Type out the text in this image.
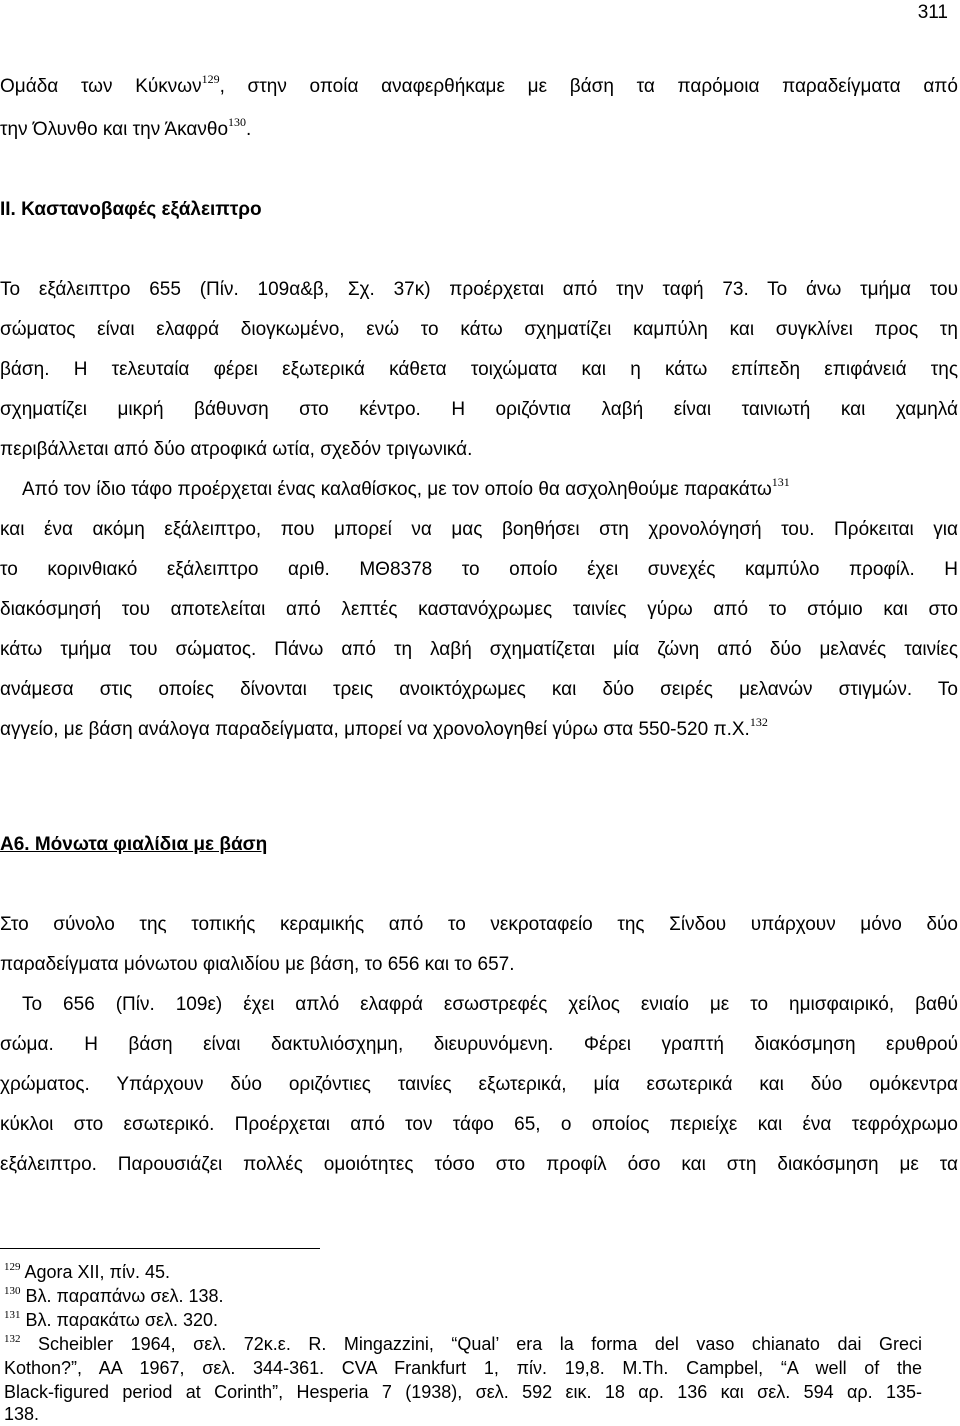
311
Ομάδα των Κύκνων$^{129}$, στην οποία αναφερθήκαμε με βάση τα παρόμοια παραδείγματα από
την Όλυνθο και την Άκανθο$^{130}$.
ΙΙ. Καστανοβαφές εξάλειπτρο
Το εξάλειπτρο 655 (Πίν. 109α&β, Σχ. 37κ) προέρχεται από την ταφή 73. Το άνω τμήμα του
σώματος είναι ελαφρά διογκωμένο, ενώ το κάτω σχηματίζει καμπύλη και συγκλίνει προς τη
βάση. Η τελευταία φέρει εξωτερικά κάθετα τοιχώματα και η κάτω επίπεδη επιφάνειά της
σχηματίζει μικρή βάθυνση στο κέντρο. Η οριζόντια λαβή είναι ταινιωτή και χαμηλά
περιβάλλεται από δύο ατροφικά ωτία, σχεδόν τριγωνικά.
Από τον ίδιο τάφο προέρχεται ένας καλαθίσκος, με τον οποίο θα ασχοληθούμε παρακάτω$^{131}$
και ένα ακόμη εξάλειπτρο, που μπορεί να μας βοηθήσει στη χρονολόγησή του. Πρόκειται για
το κορινθιακό εξάλειπτρο αριθ. ΜΘ8378 το οποίο έχει συνεχές καμπύλο προφίλ. Η
διακόσμησή του αποτελείται από λεπτές καστανόχρωμες ταινίες γύρω από το στόμιο και στο
κάτω τμήμα του σώματος. Πάνω από τη λαβή σχηματίζεται μία ζώνη από δύο μελανές ταινίες
ανάμεσα στις οποίες δίνονται τρεις ανοικτόχρωμες και δύο σειρές μελανών στιγμών. Το
αγγείο, με βάση ανάλογα παραδείγματα, μπορεί να χρονολογηθεί γύρω στα 550-520 π.Χ.$^{132}$
Α6. Μόνωτα φιαλίδια με βάση
Στο σύνολο της τοπικής κεραμικής από το νεκροταφείο της Σίνδου υπάρχουν μόνο δύο
παραδείγματα μόνωτου φιαλιδίου με βάση, το 656 και το 657.
Το 656 (Πίν. 109ε) έχει απλό ελαφρά εσωστρεφές χείλος ενιαίο με το ημισφαιρικό, βαθύ
σώμα. Η βάση είναι δακτυλιόσχημη, διευρυνόμενη. Φέρει γραπτή διακόσμηση ερυθρού
χρώματος. Υπάρχουν δύο οριζόντιες ταινίες εξωτερικά, μία εσωτερικά και δύο ομόκεντρα
κύκλοι στο εσωτερικό. Προέρχεται από τον τάφο 65, ο οποίος περιείχε και ένα τεφρόχρωμο
εξάλειπτρο. Παρουσιάζει πολλές ομοιότητες τόσο στο προφίλ όσο και στη διακόσμηση με τα
$^{129}$ Agora XII, πίν. 45.
$^{130}$ Βλ. παραπάνω σελ. 138.
$^{131}$ Βλ. παρακάτω σελ. 320.
$^{132}$ Scheibler 1964, σελ. 72κ.ε. R. Mingazzini, “Qual’ era la forma del vaso chianato dai Greci
Kothon?”, AA 1967, σελ. 344-361. CVA Frankfurt 1, πίν. 19,8. M.Th. Campbel, “A well of the
Black-figured period at Corinth”, Hesperia 7 (1938), σελ. 592 εικ. 18 αρ. 136 και σελ. 594 αρ. 135-
138.
